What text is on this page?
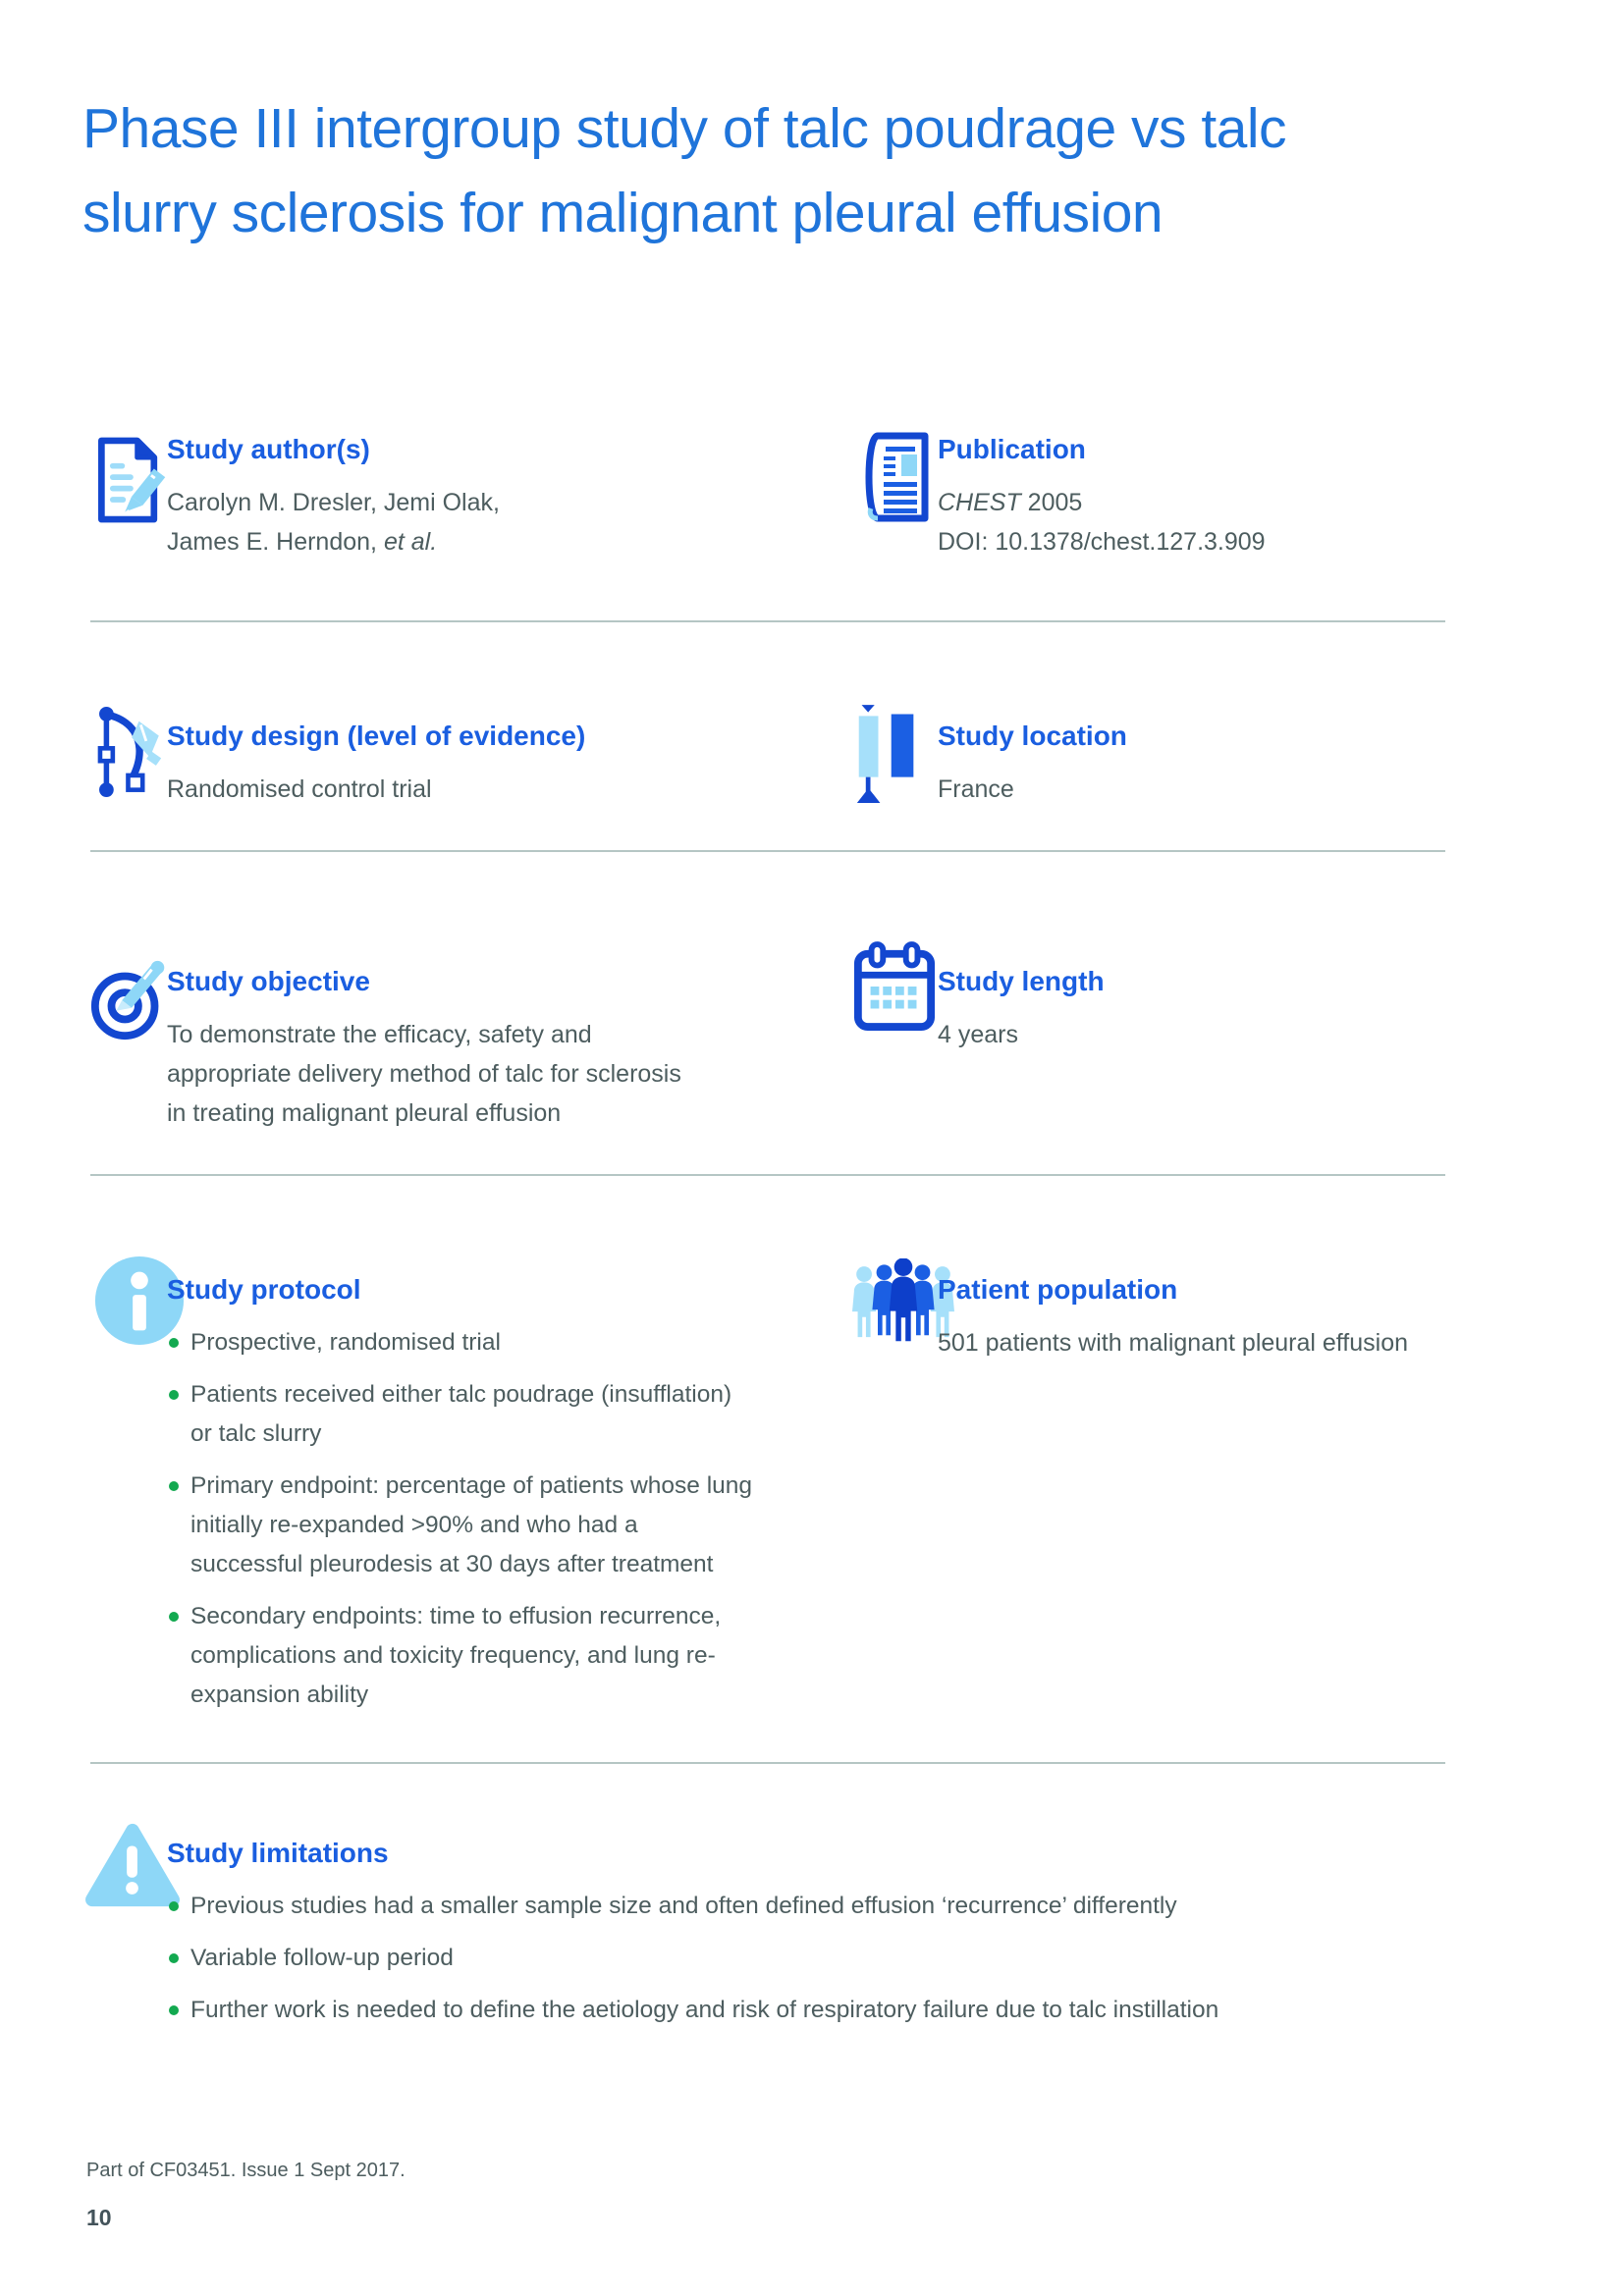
Phase III intergroup study of talc poudrage vs talc
slurry sclerosis for malignant pleural effusion
Study author(s)
Carolyn M. Dresler, Jemi Olak,
James E. Herndon, et al.
Publication
CHEST 2005
DOI: 10.1378/chest.127.3.909
Study design (level of evidence)
Randomised control trial
Study location
France
Study objective
To demonstrate the efficacy, safety and
appropriate delivery method of talc for sclerosis
in treating malignant pleural effusion
Study length
4 years
Study protocol
Prospective, randomised trial
Patients received either talc poudrage (insufflation) or talc slurry
Primary endpoint: percentage of patients whose lung initially re-expanded >90% and who had a successful pleurodesis at 30 days after treatment
Secondary endpoints: time to effusion recurrence, complications and toxicity frequency, and lung re-expansion ability
Patient population
501 patients with malignant pleural effusion
Study limitations
Previous studies had a smaller sample size and often defined effusion ‘recurrence’ differently
Variable follow-up period
Further work is needed to define the aetiology and risk of respiratory failure due to talc instillation
Part of CF03451. Issue 1 Sept 2017.
10
